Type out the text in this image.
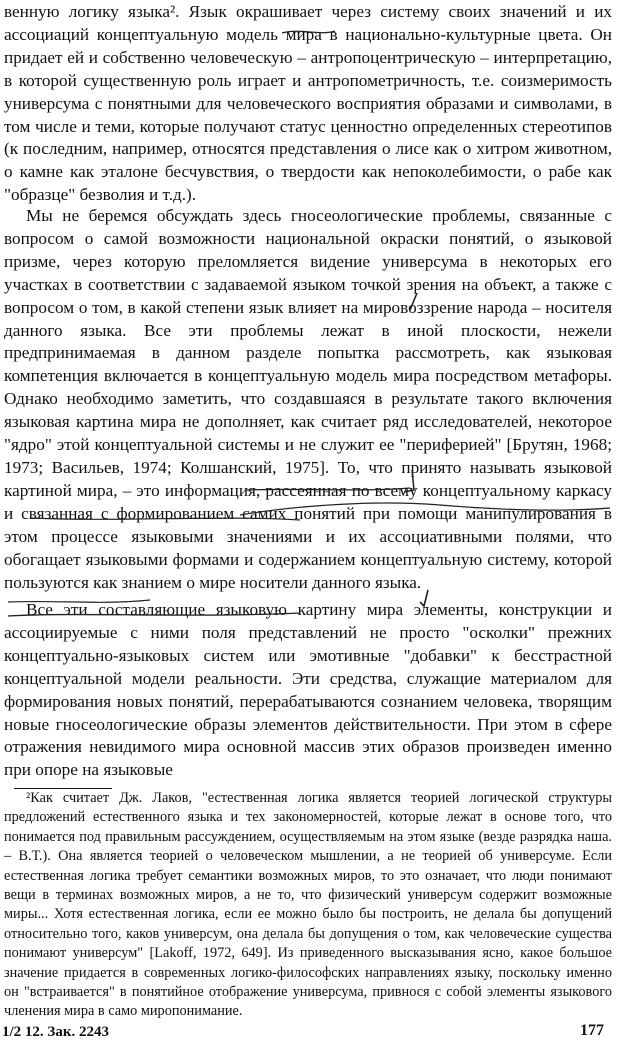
венную логику языка². Язык окрашивает через систему своих значений и их ассоциаций концептуальную модель мира в национально-культурные цвета. Он придает ей и собственно человеческую – антропоцентрическую – интерпретацию, в которой существенную роль играет и антропометричность, т.е. соизмеримость универсума с понятными для человеческого восприятия образами и символами, в том числе и теми, которые получают статус ценностно определенных стереотипов (к последним, например, относятся представления о лисе как о хитром животном, о камне как эталоне бесчувствия, о твердости как непоколебимости, о рабе как "образце" безволия и т.д.).

Мы не беремся обсуждать здесь гносеологические проблемы, связанные с вопросом о самой возможности национальной окраски понятий, о языковой призме, через которую преломляется видение универсума в некоторых его участках в соответствии с задаваемой языком точкой зрения на объект, а также с вопросом о том, в какой степени язык влияет на мировоззрение народа – носителя данного языка. Все эти проблемы лежат в иной плоскости, нежели предпринимаемая в данном разделе попытка рассмотреть, как языковая компетенция включается в концептуальную модель мира посредством метафоры. Однако необходимо заметить, что создавшаяся в результате такого включения языковая картина мира не дополняет, как считает ряд исследователей, некоторое "ядро" этой концептуальной системы и не служит ее "периферией" [Брутян, 1968; 1973; Васильев, 1974; Колшанский, 1975]. То, что принято называть языковой картиной мира, – это информация, рассеянная по всему концептуальному каркасу и связанная с формированием самих понятий при помощи манипулирования в этом процессе языковыми значениями и их ассоциативными полями, что обогащает языковыми формами и содержанием концептуальную систему, которой пользуются как знанием о мире носители данного языка.

Все эти составляющие языковую картину мира элементы, конструкции и ассоциируемые с ними поля представлений не просто "осколки" прежних концептуально-языковых систем или эмотивные "добавки" к бесстрастной концептуальной модели реальности. Эти средства, служащие материалом для формирования новых понятий, перерабатываются сознанием человека, творящим новые гносеологические образы элементов действительности. При этом в сфере отражения невидимого мира основной массив этих образов произведен именно при опоре на языковые

²Как считает Дж. Лаков, "естественная логика является теорией логической структуры предложений естественного языка и тех закономерностей, которые лежат в основе того, что понимается под правильным рассуждением, осуществляемым на этом языке (везде разрядка наша. – В.Т.). Она является теорией о человеческом мышлении, а не теорией об универсуме. Если естественная логика требует семантики возможных миров, то это означает, что люди понимают вещи в терминах возможных миров, а не то, что физический универсум содержит возможные миры... Хотя естественная логика, если ее можно было бы построить, не делала бы допущений относительно того, каков универсум, она делала бы допущения о том, как человеческие существа понимают универсум" [Lakoff, 1972, 649]. Из приведенного высказывания ясно, какое большое значение придается в современных логико-философских направлениях языку, поскольку именно он "встраивается" в понятийное отображение универсума, привнося с собой элементы языкового членения мира в само миропонимание.

1/2 12. Зак. 2243	177
